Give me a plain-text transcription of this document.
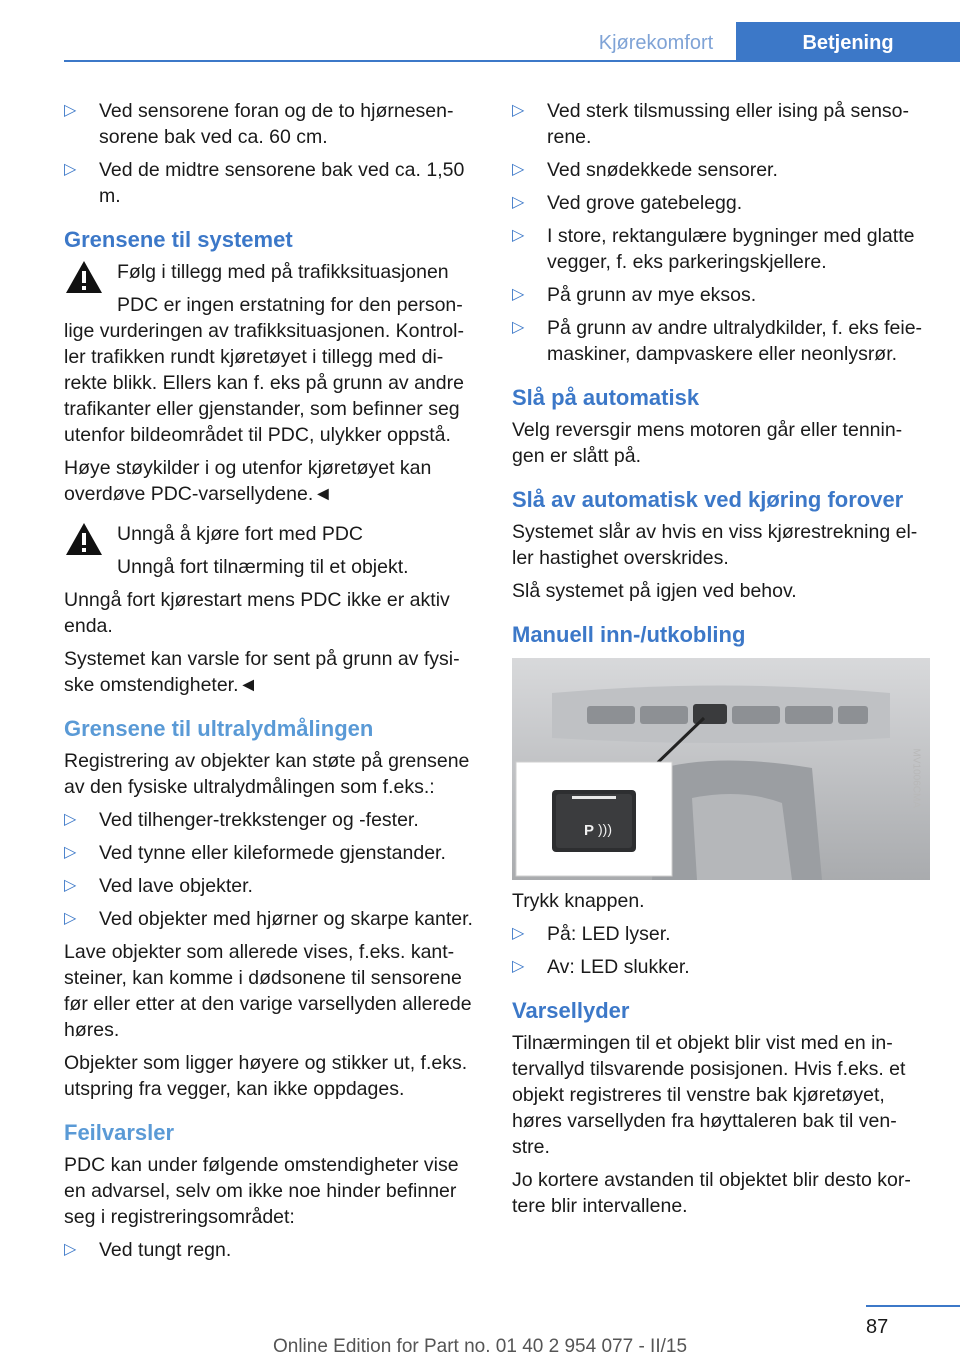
Kjørekomfort	Betjening
▷ Ved sensorene foran og de to hjørnesen-sorene bak ved ca. 60 cm.
▷ Ved de midtre sensorene bak ved ca. 1,50 m.
Grensene til systemet

Følg i tillegg med på trafikksituasjonen

PDC er ingen erstatning for den person-lige vurderingen av trafikksituasjonen. Kontrol-ler trafikken rundt kjøretøyet i tillegg med di-rekte blikk. Ellers kan f. eks på grunn av andre trafikanter eller gjenstander, som befinner seg utenfor bildeområdet til PDC, ulykker oppstå.

Høye støykilder i og utenfor kjøretøyet kan overdøve PDC-varsellydene.◄

Unngå å kjøre fort med PDC

Unngå fort tilnærming til et objekt.

Unngå fort kjørestart mens PDC ikke er aktiv enda.

Systemet kan varsle for sent på grunn av fysi-ske omstendigheter.◄

Grensene til ultralydmålingen

Registrering av objekter kan støte på grensene av den fysiske ultralydmålingen som f.eks.:

▷ Ved tilhenger-trekkstenger og -fester.
▷ Ved tynne eller kileformede gjenstander.
▷ Ved lave objekter.
▷ Ved objekter med hjørner og skarpe kanter.

Lave objekter som allerede vises, f.eks. kant-steiner, kan komme i dødsonene til sensorene før eller etter at den varige varsellyden allerede høres.

Objekter som ligger høyere og stikker ut, f.eks. utspring fra vegger, kan ikke oppdages.

Feilvarsler

PDC kan under følgende omstendigheter vise en advarsel, selv om ikke noe hinder befinner seg i registreringsområdet:

▷ Ved tungt regn.
▷ Ved sterk tilsmussing eller ising på senso-rene.
▷ Ved snødekkede sensorer.
▷ Ved grove gatebelegg.
▷ I store, rektangulære bygninger med glatte vegger, f. eks parkeringskjellere.
▷ På grunn av mye eksos.
▷ På grunn av andre ultralydkilder, f. eks feie-maskiner, dampvaskere eller neonlysrør.
Slå på automatisk

Velg reversgir mens motoren går eller tennin-gen er slått på.

Slå av automatisk ved kjøring forover

Systemet slår av hvis en viss kjørestrekning el-ler hastighet overskrides.

Slå systemet på igjen ved behov.

Manuell inn-/utkobling
P )))
MV1006CMA

Trykk knappen.

▷ På: LED lyser.
▷ Av: LED slukker.
Varsellyder

Tilnærmingen til et objekt blir vist med en in-tervallyd tilsvarende posisjonen. Hvis f.eks. et objekt registreres til venstre bak kjøretøyet, høres varsellyden fra høyttaleren bak til ven-stre.

Jo kortere avstanden til objektet blir desto kor-tere blir intervallene.

87
Online Edition for Part no. 01 40 2 954 077 - II/15
